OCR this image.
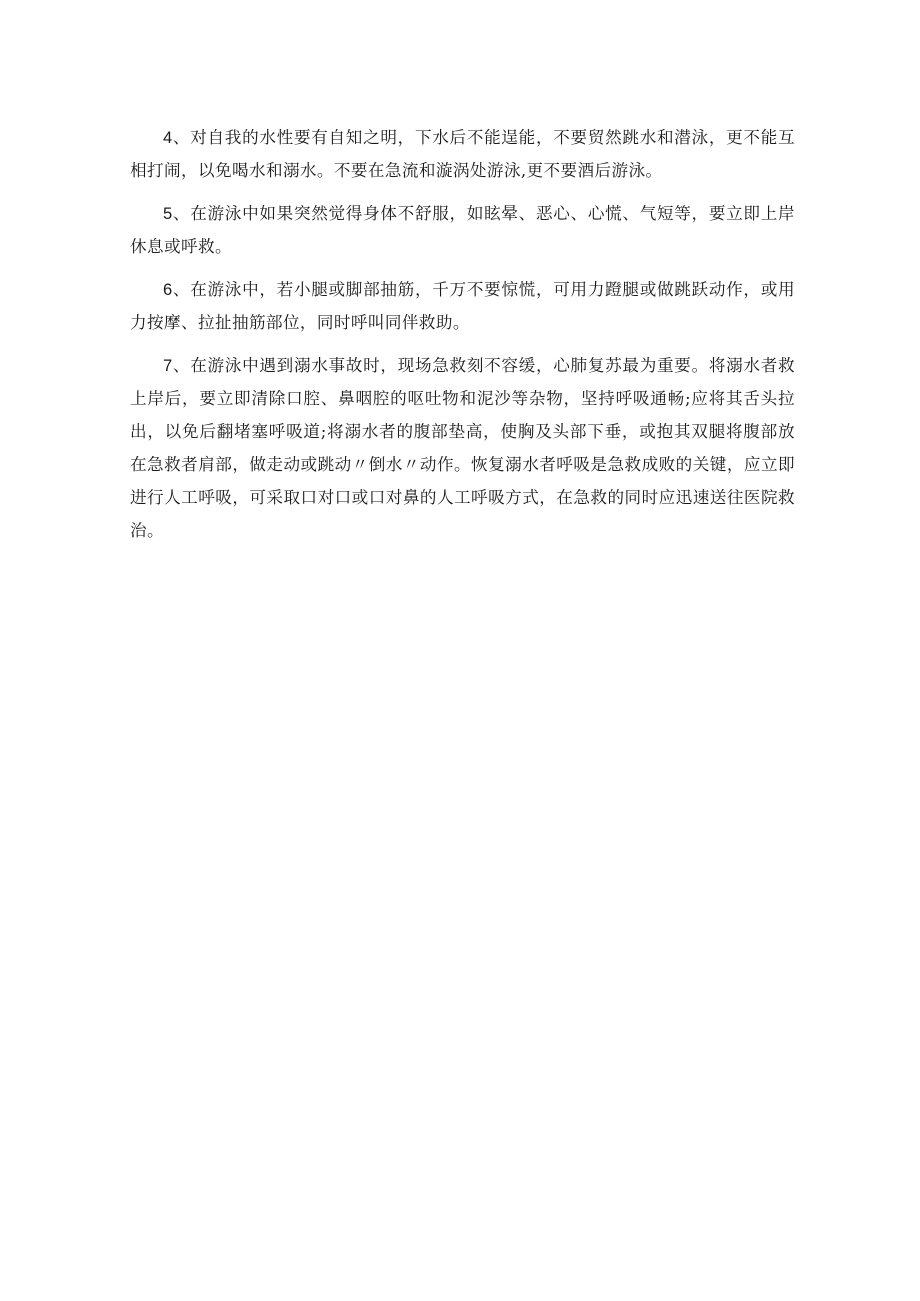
4、对自我的水性要有自知之明，下水后不能逞能，不要贸然跳水和潜泳，更不能互相打闹，以免喝水和溺水。不要在急流和漩涡处游泳,更不要酒后游泳。

5、在游泳中如果突然觉得身体不舒服，如眩晕、恶心、心慌、气短等，要立即上岸休息或呼救。

6、在游泳中，若小腿或脚部抽筋，千万不要惊慌，可用力蹬腿或做跳跃动作，或用力按摩、拉扯抽筋部位，同时呼叫同伴救助。

7、在游泳中遇到溺水事故时，现场急救刻不容缓，心肺复苏最为重要。将溺水者救上岸后，要立即清除口腔、鼻咽腔的呕吐物和泥沙等杂物，坚持呼吸通畅;应将其舌头拉出，以免后翻堵塞呼吸道;将溺水者的腹部垫高，使胸及头部下垂，或抱其双腿将腹部放在急救者肩部，做走动或跳动〃倒水〃动作。恢复溺水者呼吸是急救成败的关键，应立即进行人工呼吸，可采取口对口或口对鼻的人工呼吸方式，在急救的同时应迅速送往医院救治。
